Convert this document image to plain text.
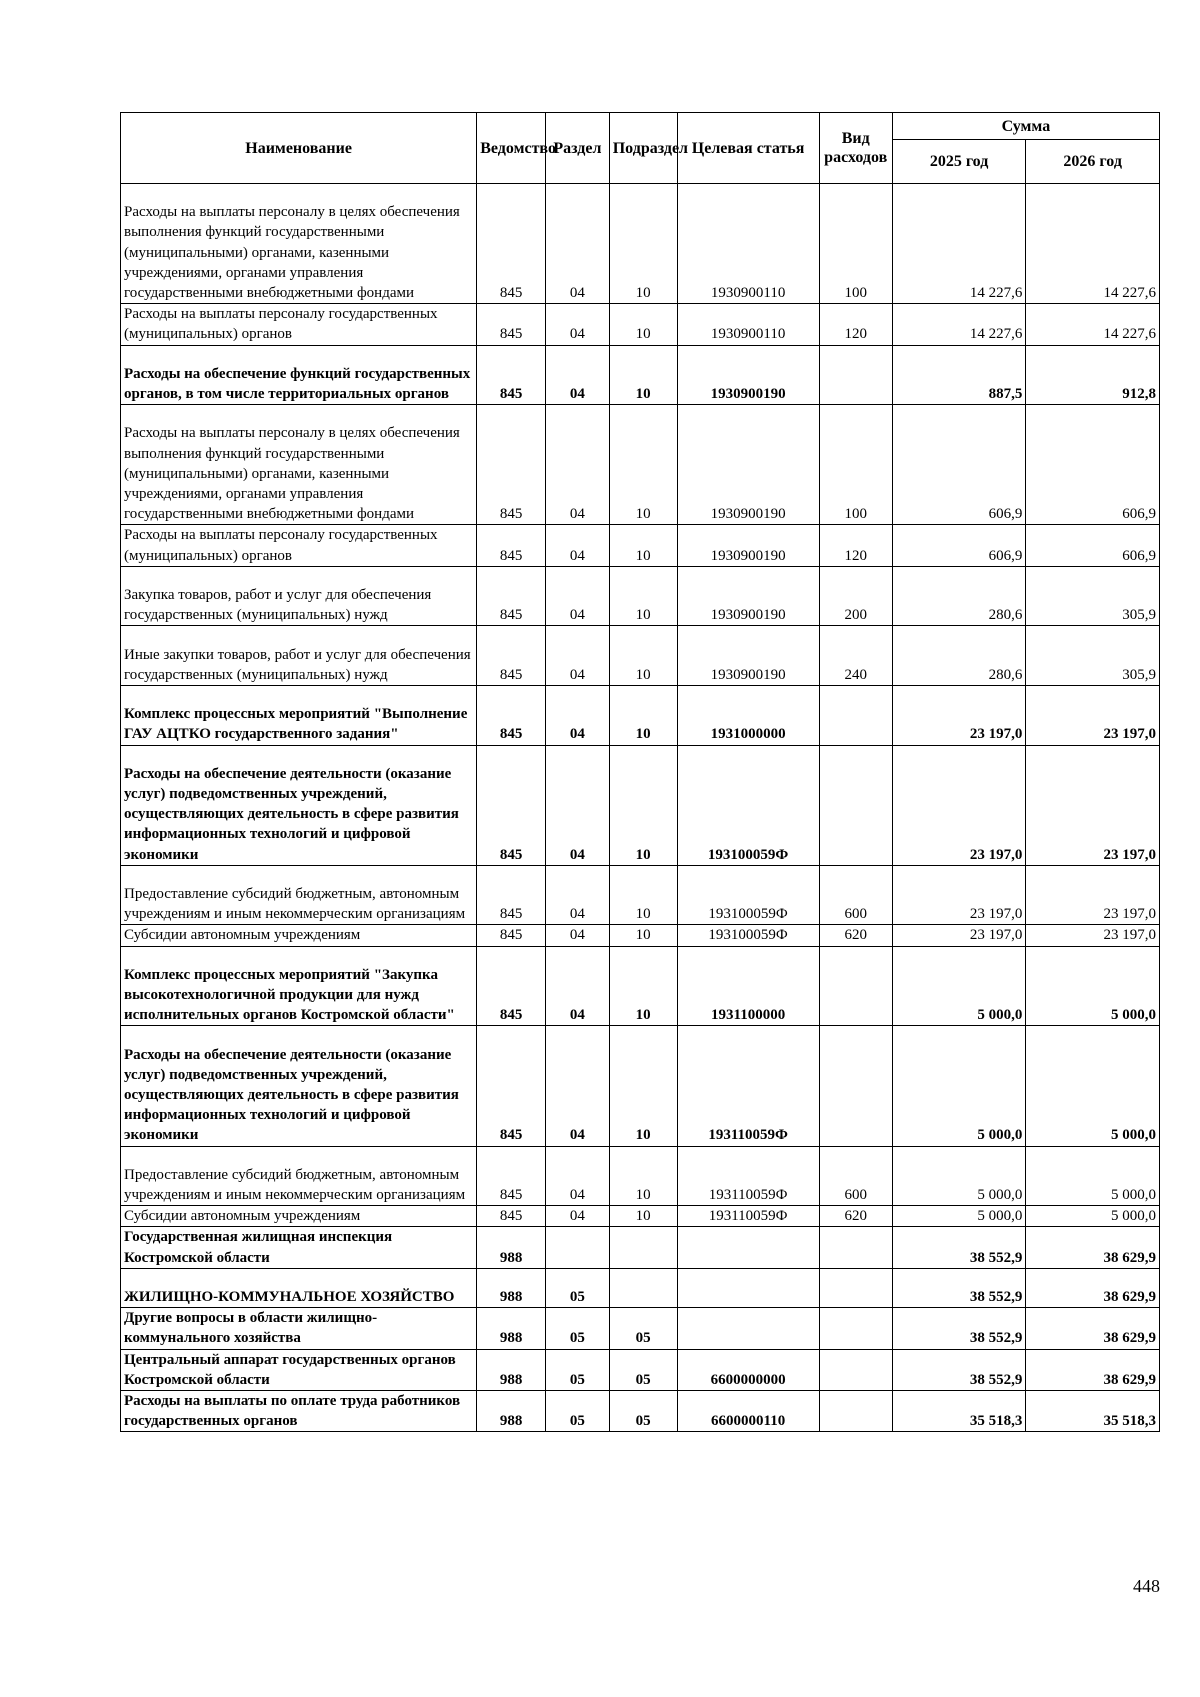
Наименование	Ведомство	Раздел	Подраздел	Целевая статья	Вид расходов	Сумма	
						2025 год	2026 год
Расходы на выплаты персоналу в целях обеспечения выполнения функций государственными (муниципальными) органами, казенными учреждениями, органами управления государственными внебюджетными фондами	845	04	10	1930900110	100	14 227,6	14 227,6
Расходы на выплаты персоналу государственных (муниципальных) органов	845	04	10	1930900110	120	14 227,6	14 227,6
Расходы на обеспечение функций государственных органов, в том числе территориальных органов	845	04	10	1930900190		887,5	912,8
Расходы на выплаты персоналу в целях обеспечения выполнения функций государственными (муниципальными) органами, казенными учреждениями, органами управления государственными внебюджетными фондами	845	04	10	1930900190	100	606,9	606,9
Расходы на выплаты персоналу государственных (муниципальных) органов	845	04	10	1930900190	120	606,9	606,9
Закупка товаров, работ и услуг для обеспечения государственных (муниципальных) нужд	845	04	10	1930900190	200	280,6	305,9
Иные закупки товаров, работ и услуг для обеспечения государственных (муниципальных) нужд	845	04	10	1930900190	240	280,6	305,9
Комплекс процессных мероприятий "Выполнение ГАУ АЦТКО государственного задания"	845	04	10	1931000000		23 197,0	23 197,0
Расходы на обеспечение деятельности (оказание услуг) подведомственных учреждений, осуществляющих деятельность в сфере развития информационных технологий и цифровой экономики	845	04	10	193100059Ф		23 197,0	23 197,0
Предоставление субсидий бюджетным, автономным учреждениям и иным некоммерческим организациям	845	04	10	193100059Ф	600	23 197,0	23 197,0
Субсидии автономным учреждениям	845	04	10	193100059Ф	620	23 197,0	23 197,0
Комплекс процессных мероприятий "Закупка высокотехнологичной продукции для нужд исполнительных органов Костромской области"	845	04	10	1931100000		5 000,0	5 000,0
Расходы на обеспечение деятельности (оказание услуг) подведомственных учреждений, осуществляющих деятельность в сфере развития информационных технологий и цифровой экономики	845	04	10	193110059Ф		5 000,0	5 000,0
Предоставление субсидий бюджетным, автономным учреждениям и иным некоммерческим организациям	845	04	10	193110059Ф	600	5 000,0	5 000,0
Субсидии автономным учреждениям	845	04	10	193110059Ф	620	5 000,0	5 000,0
Государственная жилищная инспекция Костромской области	988					38 552,9	38 629,9
ЖИЛИЩНО-КОММУНАЛЬНОЕ ХОЗЯЙСТВО	988	05				38 552,9	38 629,9
Другие вопросы в области жилищно-коммунального хозяйства	988	05	05			38 552,9	38 629,9
Центральный аппарат государственных органов Костромской области	988	05	05	6600000000		38 552,9	38 629,9
Расходы на выплаты по оплате труда работников государственных органов	988	05	05	6600000110		35 518,3	35 518,3
448
